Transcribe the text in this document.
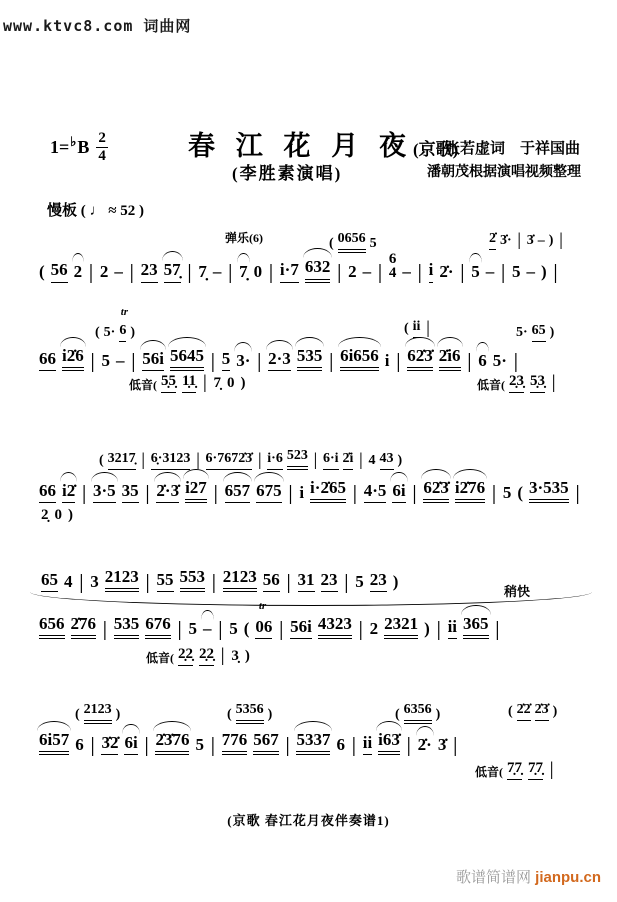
www.ktvc8.com 词曲网
1= ♭ B $\frac{2}{4}$	春 江 花 月 夜 (京歌)
张若虚词　于祥国曲
(李胜素演唱)	潘朝茂根据演唱视频整理
慢板 ( ♩ ≈ 52 )
弹乐(6)	( 0656 5	2̇ 3̇· | 3̇ – ) |
( 56 2 | 2 – | 23 57̣ | 7̣ – | 7̣ 0 | i·7 632 | 2 – |
6
4 – | i 2̇· | 5 – | 5 – ) |
( 5· 6 tr )	( ii |	5· 65 )
66 i2̇6 | 5 – | 56i 5645 | 5 3· | 2·3 535 | 6i656 i | 62̇3̇ 2̇i6 | 6 5· |
低音( 5̣5̣ 1̣1̣ | 7̣ 0 )	低音( 2̣3̣ 5̣3̣ |
( 3217̣ | 6̣·3123 | 6·7672̇3̇ | i·6 523 | 6·i 2̇i | 4 43 )
66 i2̇ | 3·5 35 | 2̇·3̇ i27 | 657 675 | i i·2̇65 | 4·5 6i | 62̇3̇ i2̇76 | 5 ( 3·535 |
2̣ 0 )
65 4 | 3 2123 | 55 553 | 2123 56 | 31 23 | 5 23 )
稍快
656 2̇76 | 535 676 | 5 – | 5 ( 06 tr | 56i 4323 | 2 2321 ) | ii 365 |
低音( 2̣2̣ 2̣2̣ | 3̣ )
( 2123 )	( 5356 )	( 6356 )	( 2̇2̇ 2̇3̇ )
6i57 6 | 3̇2̇ 6i | 2̇3̇76 5 | 776 567 | 5337 6 | ii i63̇ | 2̇· 3̇ |
低音( 7̣7̣ 7̣7̣ |
(京歌 春江花月夜伴奏谱1)
歌谱简谱网 jianpu.cn
